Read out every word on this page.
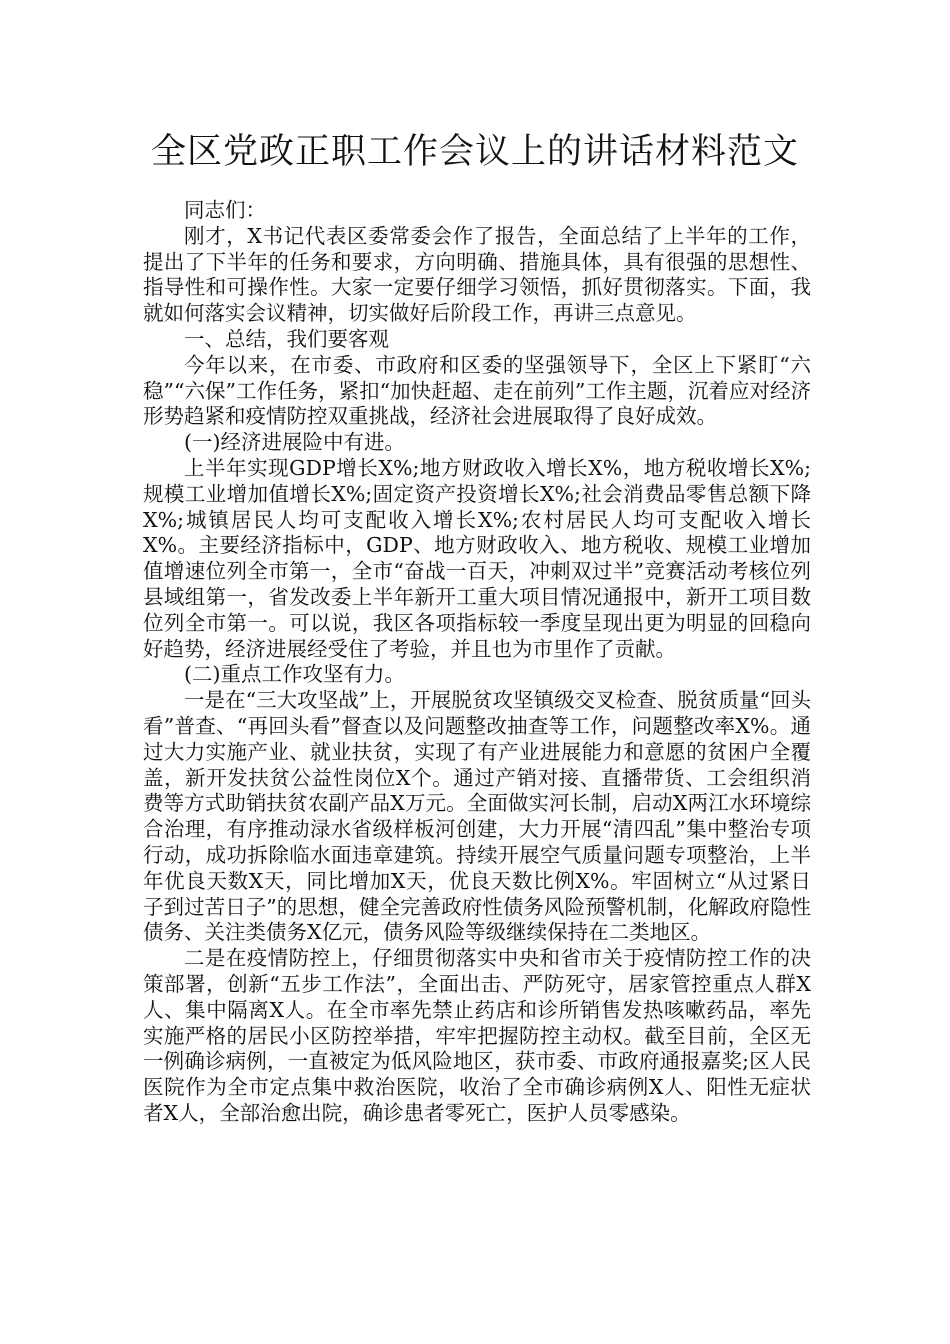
全区党政正职工作会议上的讲话材料范文

同志们：

刚才，X书记代表区委常委会作了报告，全面总结了上半年的工作，提出了下半年的任务和要求，方向明确、措施具体，具有很强的思想性、指导性和可操作性。大家一定要仔细学习领悟，抓好贯彻落实。下面，我就如何落实会议精神，切实做好后阶段工作，再讲三点意见。

一、总结，我们要客观

今年以来，在市委、市政府和区委的坚强领导下，全区上下紧盯“六稳”“六保”工作任务，紧扣“加快赶超、走在前列”工作主题，沉着应对经济形势趋紧和疫情防控双重挑战，经济社会进展取得了良好成效。

(一)经济进展险中有进。

上半年实现GDP增长X%;地方财政收入增长X%，地方税收增长X%;规模工业增加值增长X%;固定资产投资增长X%;社会消费品零售总额下降X%;城镇居民人均可支配收入增长X%;农村居民人均可支配收入增长X%。主要经济指标中，GDP、地方财政收入、地方税收、规模工业增加值增速位列全市第一，全市“奋战一百天，冲刺双过半”竞赛活动考核位列县域组第一，省发改委上半年新开工重大项目情况通报中，新开工项目数位列全市第一。可以说，我区各项指标较一季度呈现出更为明显的回稳向好趋势，经济进展经受住了考验，并且也为市里作了贡献。

(二)重点工作攻坚有力。

一是在“三大攻坚战”上，开展脱贫攻坚镇级交叉检查、脱贫质量“回头看”普查、“再回头看”督查以及问题整改抽查等工作，问题整改率X%。通过大力实施产业、就业扶贫，实现了有产业进展能力和意愿的贫困户全覆盖，新开发扶贫公益性岗位X个。通过产销对接、直播带货、工会组织消费等方式助销扶贫农副产品X万元。全面做实河长制，启动X两江水环境综合治理，有序推动渌水省级样板河创建，大力开展“清四乱”集中整治专项行动，成功拆除临水面违章建筑。持续开展空气质量问题专项整治，上半年优良天数X天，同比增加X天，优良天数比例X%。牢固树立“从过紧日子到过苦日子”的思想，健全完善政府性债务风险预警机制，化解政府隐性债务、关注类债务X亿元，债务风险等级继续保持在二类地区。

二是在疫情防控上，仔细贯彻落实中央和省市关于疫情防控工作的决策部署，创新“五步工作法”，全面出击、严防死守，居家管控重点人群X人、集中隔离X人。在全市率先禁止药店和诊所销售发热咳嗽药品，率先实施严格的居民小区防控举措，牢牢把握防控主动权。截至目前，全区无一例确诊病例，一直被定为低风险地区，获市委、市政府通报嘉奖;区人民医院作为全市定点集中救治医院，收治了全市确诊病例X人、阳性无症状者X人，全部治愈出院，确诊患者零死亡，医护人员零感染。
